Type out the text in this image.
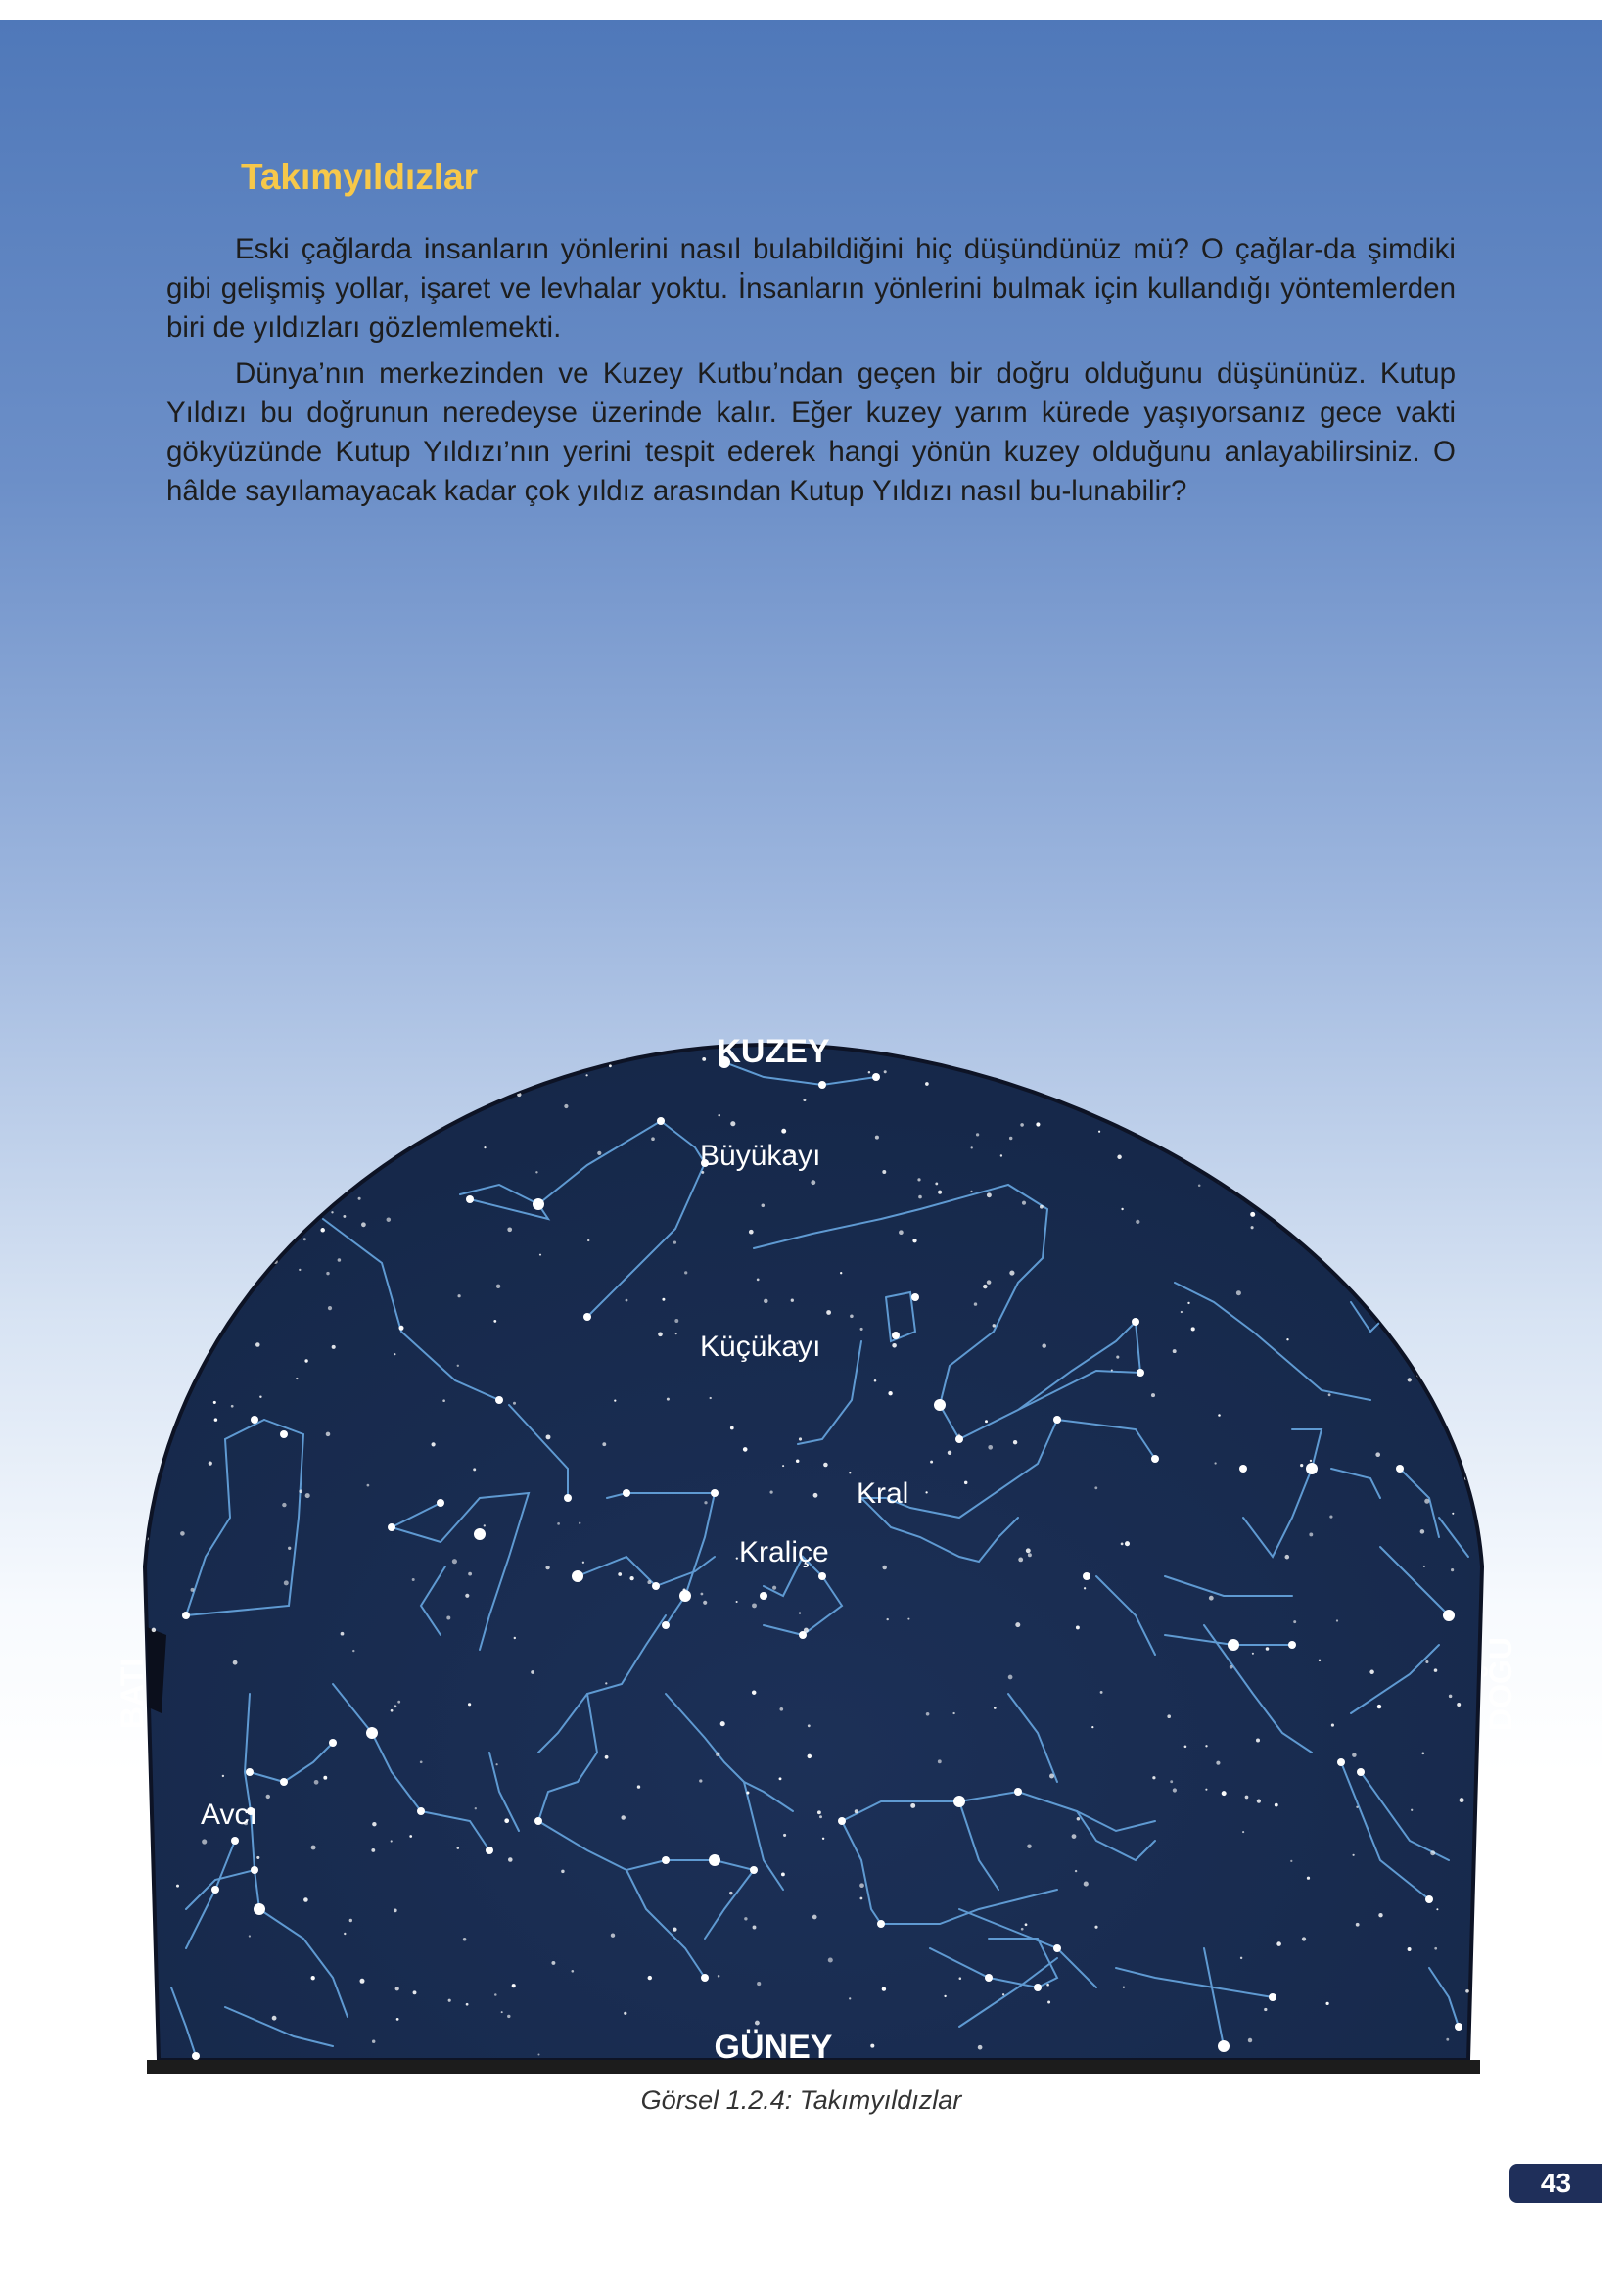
Takımyıldızlar

Eski çağlarda insanların yönlerini nasıl bulabildiğini hiç düşündünüz mü? O çağlar-da şimdiki gibi gelişmiş yollar, işaret ve levhalar yoktu. İnsanların yönlerini bulmak için kullandığı yöntemlerden biri de yıldızları gözlemlemekti.

Dünya’nın merkezinden ve Kuzey Kutbu’ndan geçen bir doğru olduğunu düşününüz. Kutup Yıldızı bu doğrunun neredeyse üzerinde kalır. Eğer kuzey yarım kürede yaşıyorsanız gece vakti gökyüzünde Kutup Yıldızı’nın yerini tespit ederek hangi yönün kuzey olduğunu anlayabilirsiniz. O hâlde sayılamayacak kadar çok yıldız arasından Kutup Yıldızı nasıl bu-lunabilir?

KUZEY
GÜNEY
BATI	DOĞU
Büyükayı
Küçükayı
Kral
Kraliçe
Avcı
Görsel 1.2.4: Takımyıldızlar
43
